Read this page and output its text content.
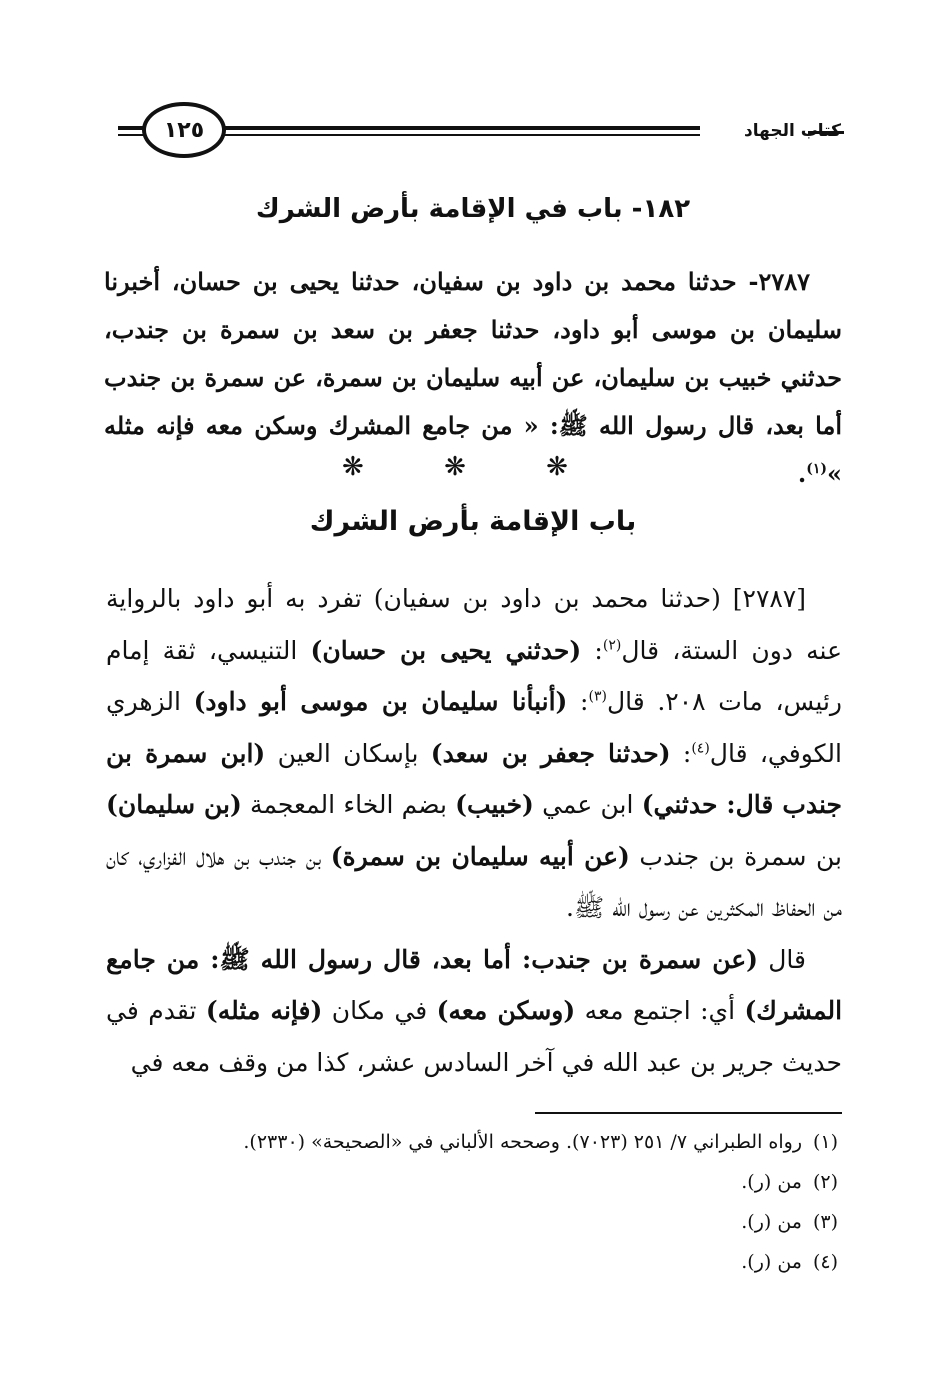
كتاب الجهاد
١٢٥
١٨٢- باب في الإقامة بأرض الشرك

٢٧٨٧- حدثنا محمد بن داود بن سفيان، حدثنا يحيى بن حسان، أخبرنا سليمان بن موسى أبو داود، حدثنا جعفر بن سعد بن سمرة بن جندب، حدثني خبيب بن سليمان، عن أبيه سليمان بن سمرة، عن سمرة بن جندب أما بعد، قال رسول الله ﷺ: « من جامع المشرك وسكن معه فإنه مثله »$^{(١)}$.

❋ ❋ ❋
باب الإقامة بأرض الشرك

[٢٧٨٧] (حدثنا محمد بن داود بن سفيان) تفرد به أبو داود بالرواية عنه دون الستة، قال$^{(٢)}$: (حدثني يحيى بن حسان) التنيسي، ثقة إمام رئيس، مات ٢٠٨. قال$^{(٣)}$: (أنبأنا سليمان بن موسى أبو داود) الزهري الكوفي، قال$^{(٤)}$: (حدثنا جعفر بن سعد) بإسكان العين (ابن سمرة بن جندب قال: حدثني) ابن عمي (خبيب) بضم الخاء المعجمة (بن سليمان) بن سمرة بن جندب (عن أبيه سليمان بن سمرة) بن جندب بن هلال الفزاري، كان من الحفاظ المكثرين عن رسول الله ﷺ.

قال (عن سمرة بن جندب: أما بعد، قال رسول الله ﷺ: من جامع المشرك) أي: اجتمع معه (وسكن معه) في مكان (فإنه مثله) تقدم في حديث جرير بن عبد الله في آخر السادس عشر، كذا من وقف معه في

(١)رواه الطبراني ٧/ ٢٥١ (٧٠٢٣). وصححه الألباني في «الصحيحة» (٢٣٣٠).
(٢)من (ر).
(٣)من (ر).
(٤)من (ر).
